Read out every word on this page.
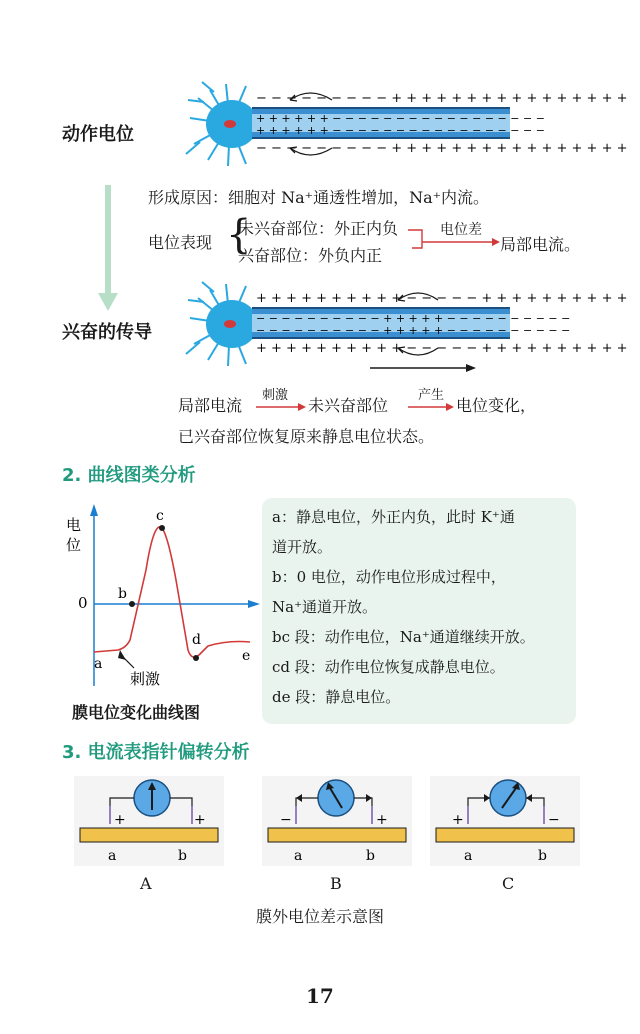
动作电位
− − − − − − − − − + + + + + + + + + + + + + + + +
+ + + + + + − − − − − − − − − − − − − − − − −
+ + + + + + − − − − − − − − − − − − − − − − −
− − − − − − − − − + + + + + + + + + + + + + + + +
形成原因：细胞对 Na⁺通透性增加，Na⁺内流。
电位表现 {
未兴奋部位：外正内负
兴奋部位：外负内正
电位差
局部电流。
+ + + + + + + + + + − − − − − + + + + + + + + + +
− − − − − − − − − − + + + + + − − − − − − − − − −
− − − − − − − − − − + + + + + − − − − − − − − − −
+ + + + + + + + + + − − − − − + + + + + + + + + +
兴奋的传导
局部电流
刺激
未兴奋部位
产生
电位变化，
已兴奋部位恢复原来静息电位状态。
2. 曲线图类分析
电
位
0
a
b
c
d
e
刺激
膜电位变化曲线图

a：静息电位，外正内负，此时 K⁺通

道开放。

b：0 电位，动作电位形成过程中，

Na⁺通道开放。

bc 段：动作电位，Na⁺通道继续开放。

cd 段：动作电位恢复成静息电位。

de 段：静息电位。

3. 电流表指针偏转分析
+	+
a	b
A
−	+
a	b
B
+	−
a	b
C
膜外电位差示意图
17
